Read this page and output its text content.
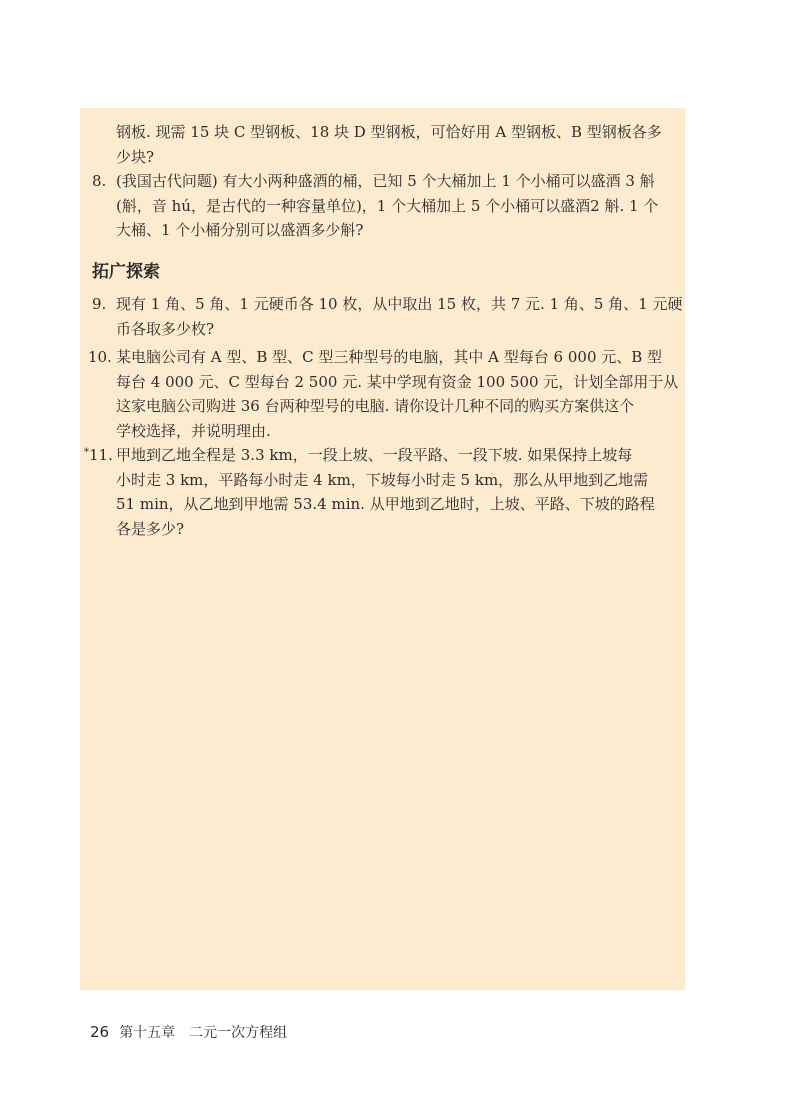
钢板. 现需 15 块 C 型钢板、18 块 D 型钢板，可恰好用 A 型钢板、B 型钢板各多
少块?
8. (我国古代问题) 有大小两种盛酒的桶，已知 5 个大桶加上 1 个小桶可以盛酒 3 斛
(斛，音 hú，是古代的一种容量单位)，1 个大桶加上 5 个小桶可以盛酒2 斛. 1 个
大桶、1 个小桶分别可以盛酒多少斛?
拓广探索
9. 现有 1 角、5 角、1 元硬币各 10 枚，从中取出 15 枚，共 7 元. 1 角、5 角、1 元硬
币各取多少枚?
10. 某电脑公司有 A 型、B 型、C 型三种型号的电脑，其中 A 型每台 6 000 元、B 型
每台 4 000 元、C 型每台 2 500 元. 某中学现有资金 100 500 元，计划全部用于从
这家电脑公司购进 36 台两种型号的电脑. 请你设计几种不同的购买方案供这个
学校选择，并说明理由.
*11. 甲地到乙地全程是 3.3 km，一段上坡、一段平路、一段下坡. 如果保持上坡每
小时走 3 km，平路每小时走 4 km，下坡每小时走 5 km，那么从甲地到乙地需
51 min，从乙地到甲地需 53.4 min. 从甲地到乙地时，上坡、平路、下坡的路程
各是多少?
26 第十五章 二元一次方程组
